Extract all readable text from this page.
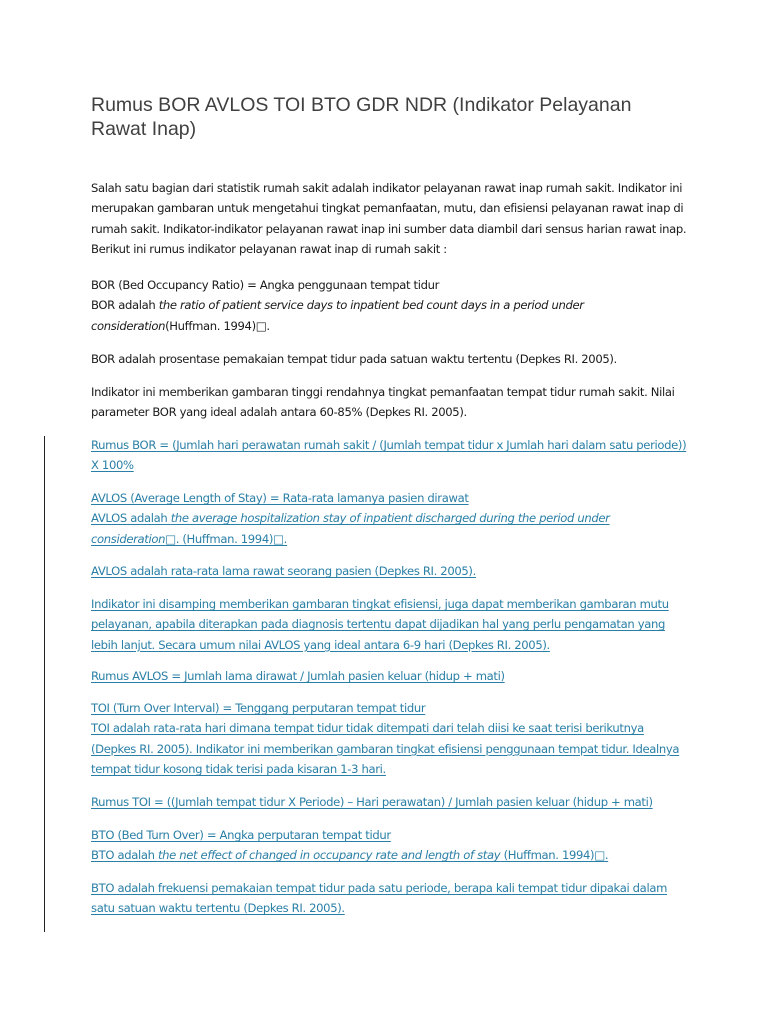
Rumus BOR AVLOS TOI BTO GDR NDR (Indikator Pelayanan Rawat Inap)

Salah satu bagian dari statistik rumah sakit adalah indikator pelayanan rawat inap rumah sakit. Indikator ini merupakan gambaran untuk mengetahui tingkat pemanfaatan, mutu, dan efisiensi pelayanan rawat inap di rumah sakit. Indikator-indikator pelayanan rawat inap ini sumber data diambil dari sensus harian rawat inap. Berikut ini rumus indikator pelayanan rawat inap di rumah sakit :

BOR (Bed Occupancy Ratio) = Angka penggunaan tempat tidur
BOR adalah the ratio of patient service days to inpatient bed count days in a period under consideration(Huffman. 1994)□.

BOR adalah prosentase pemakaian tempat tidur pada satuan waktu tertentu (Depkes RI. 2005).

Indikator ini memberikan gambaran tinggi rendahnya tingkat pemanfaatan tempat tidur rumah sakit. Nilai parameter BOR yang ideal adalah antara 60-85% (Depkes RI. 2005).

Rumus BOR = (Jumlah hari perawatan rumah sakit / (Jumlah tempat tidur x Jumlah hari dalam satu periode)) X 100%

AVLOS (Average Length of Stay) = Rata-rata lamanya pasien dirawat
AVLOS adalah the average hospitalization stay of inpatient discharged during the period under consideration□. (Huffman. 1994)□.

AVLOS adalah rata-rata lama rawat seorang pasien (Depkes RI. 2005).

Indikator ini disamping memberikan gambaran tingkat efisiensi, juga dapat memberikan gambaran mutu pelayanan, apabila diterapkan pada diagnosis tertentu dapat dijadikan hal yang perlu pengamatan yang lebih lanjut. Secara umum nilai AVLOS yang ideal antara 6-9 hari (Depkes RI. 2005).

Rumus AVLOS = Jumlah lama dirawat / Jumlah pasien keluar (hidup + mati)

TOI (Turn Over Interval) = Tenggang perputaran tempat tidur
TOI adalah rata-rata hari dimana tempat tidur tidak ditempati dari telah diisi ke saat terisi berikutnya (Depkes RI. 2005). Indikator ini memberikan gambaran tingkat efisiensi penggunaan tempat tidur. Idealnya tempat tidur kosong tidak terisi pada kisaran 1-3 hari.

Rumus TOI = ((Jumlah tempat tidur X Periode) – Hari perawatan) / Jumlah pasien keluar (hidup + mati)

BTO (Bed Turn Over) = Angka perputaran tempat tidur
BTO adalah the net effect of changed in occupancy rate and length of stay (Huffman. 1994)□.

BTO adalah frekuensi pemakaian tempat tidur pada satu periode, berapa kali tempat tidur dipakai dalam satu satuan waktu tertentu (Depkes RI. 2005).
